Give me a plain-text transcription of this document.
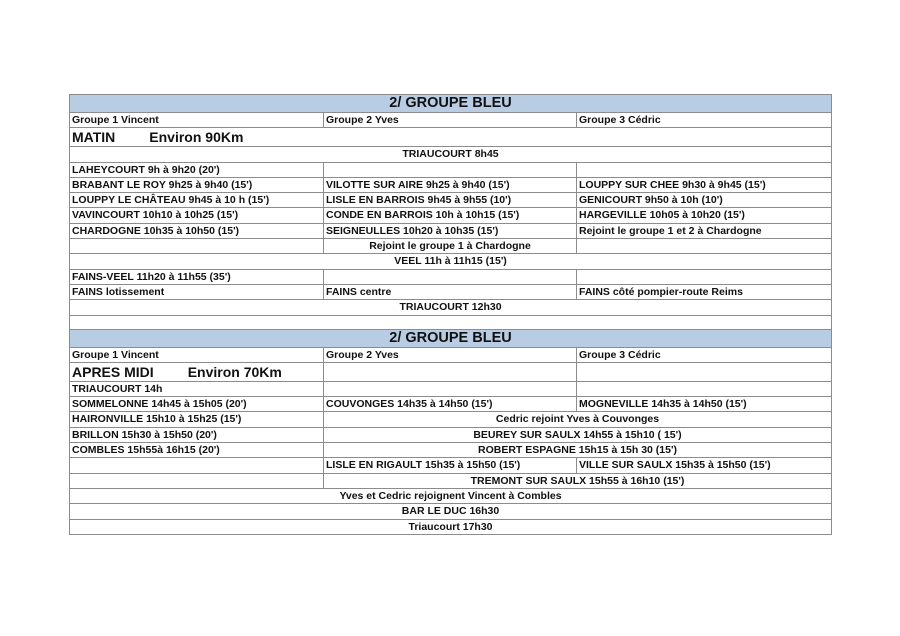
2/ GROUPE BLEU		
Groupe 1 Vincent	Groupe 2 Yves	Groupe 3 Cédric
MATIN Environ 90Km		
TRIAUCOURT 8h45		
LAHEYCOURT 9h à 9h20 (20')		
BRABANT LE ROY 9h25 à 9h40 (15')	VILOTTE SUR AIRE 9h25 à 9h40 (15')	LOUPPY SUR CHEE 9h30 à 9h45 (15')
LOUPPY LE CHÂTEAU 9h45 à 10 h (15')	LISLE EN BARROIS 9h45 à 9h55 (10')	GENICOURT 9h50 à 10h (10')
VAVINCOURT 10h10 à 10h25 (15')	CONDE EN BARROIS 10h à 10h15 (15')	HARGEVILLE 10h05 à 10h20 (15')
CHARDOGNE 10h35 à 10h50 (15')	SEIGNEULLES 10h20 à 10h35 (15')	Rejoint le groupe 1 et 2 à Chardogne
	Rejoint le groupe 1 à Chardogne	
VEEL 11h à 11h15 (15')		
FAINS-VEEL 11h20 à 11h55 (35')		
FAINS lotissement	FAINS centre	FAINS côté pompier-route Reims
TRIAUCOURT 12h30		

2/ GROUPE BLEU		
Groupe 1 Vincent	Groupe 2 Yves	Groupe 3 Cédric
APRES MIDI Environ 70Km		
TRIAUCOURT 14h		
SOMMELONNE 14h45 à 15h05 (20')	COUVONGES 14h35 à 14h50 (15')	MOGNEVILLE 14h35 à 14h50 (15')
HAIRONVILLE 15h10 à 15h25 (15')	Cedric rejoint Yves à Couvonges	
BRILLON 15h30 à 15h50 (20')	BEUREY SUR SAULX 14h55 à 15h10 ( 15')	
COMBLES 15h55à 16h15 (20')	ROBERT ESPAGNE 15h15 à 15h 30 (15')	
	LISLE EN RIGAULT 15h35 à 15h50 (15')	VILLE SUR SAULX 15h35 à 15h50 (15')
	TREMONT SUR SAULX 15h55 à 16h10 (15')	
Yves et Cedric rejoignent Vincent à Combles		
BAR LE DUC 16h30		
Triaucourt 17h30		
